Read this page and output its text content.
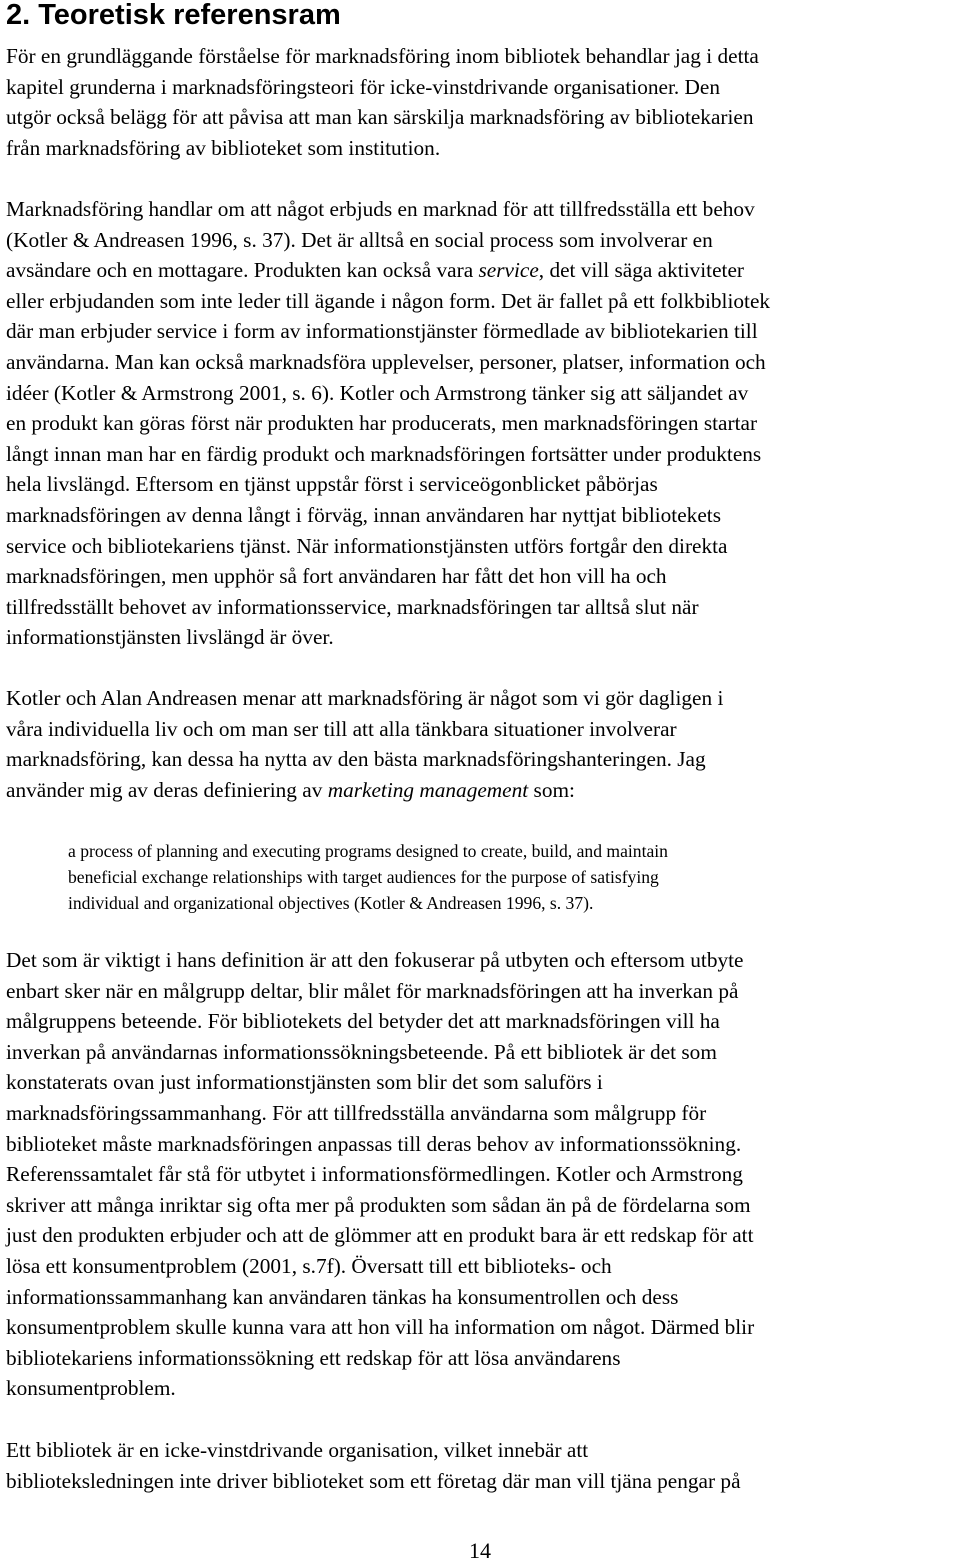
2. Teoretisk referensram

För en grundläggande förståelse för marknadsföring inom bibliotek behandlar jag i detta
kapitel grunderna i marknadsföringsteori för icke-vinstdrivande organisationer. Den
utgör också belägg för att påvisa att man kan särskilja marknadsföring av bibliotekarien
från marknadsföring av biblioteket som institution.

Marknadsföring handlar om att något erbjuds en marknad för att tillfredsställa ett behov
(Kotler & Andreasen 1996, s. 37). Det är alltså en social process som involverar en
avsändare och en mottagare. Produkten kan också vara service, det vill säga aktiviteter
eller erbjudanden som inte leder till ägande i någon form. Det är fallet på ett folkbibliotek
där man erbjuder service i form av informationstjänster förmedlade av bibliotekarien till
användarna. Man kan också marknadsföra upplevelser, personer, platser, information och
idéer (Kotler & Armstrong 2001, s. 6). Kotler och Armstrong tänker sig att säljandet av
en produkt kan göras först när produkten har producerats, men marknadsföringen startar
långt innan man har en färdig produkt och marknadsföringen fortsätter under produktens
hela livslängd. Eftersom en tjänst uppstår först i serviceögonblicket påbörjas
marknadsföringen av denna långt i förväg, innan användaren har nyttjat bibliotekets
service och bibliotekariens tjänst. När informationstjänsten utförs fortgår den direkta
marknadsföringen, men upphör så fort användaren har fått det hon vill ha och
tillfredsställt behovet av informationsservice, marknadsföringen tar alltså slut när
informationstjänsten livslängd är över.

Kotler och Alan Andreasen menar att marknadsföring är något som vi gör dagligen i
våra individuella liv och om man ser till att alla tänkbara situationer involverar
marknadsföring, kan dessa ha nytta av den bästa marknadsföringshanteringen. Jag
använder mig av deras definiering av marketing management som:

a process of planning and executing programs designed to create, build, and maintain
beneficial exchange relationships with target audiences for the purpose of satisfying
individual and organizational objectives (Kotler & Andreasen 1996, s. 37).

Det som är viktigt i hans definition är att den fokuserar på utbyten och eftersom utbyte
enbart sker när en målgrupp deltar, blir målet för marknadsföringen att ha inverkan på
målgruppens beteende. För bibliotekets del betyder det att marknadsföringen vill ha
inverkan på användarnas informationssökningsbeteende. På ett bibliotek är det som
konstaterats ovan just informationstjänsten som blir det som saluförs i
marknadsföringssammanhang. För att tillfredsställa användarna som målgrupp för
biblioteket måste marknadsföringen anpassas till deras behov av informationssökning.
Referenssamtalet får stå för utbytet i informationsförmedlingen. Kotler och Armstrong
skriver att många inriktar sig ofta mer på produkten som sådan än på de fördelarna som
just den produkten erbjuder och att de glömmer att en produkt bara är ett redskap för att
lösa ett konsumentproblem (2001, s.7f). Översatt till ett biblioteks- och
informationssammanhang kan användaren tänkas ha konsumentrollen och dess
konsumentproblem skulle kunna vara att hon vill ha information om något. Därmed blir
bibliotekariens informationssökning ett redskap för att lösa användarens
konsumentproblem.

Ett bibliotek är en icke-vinstdrivande organisation, vilket innebär att
biblioteksledningen inte driver biblioteket som ett företag där man vill tjäna pengar på

14
